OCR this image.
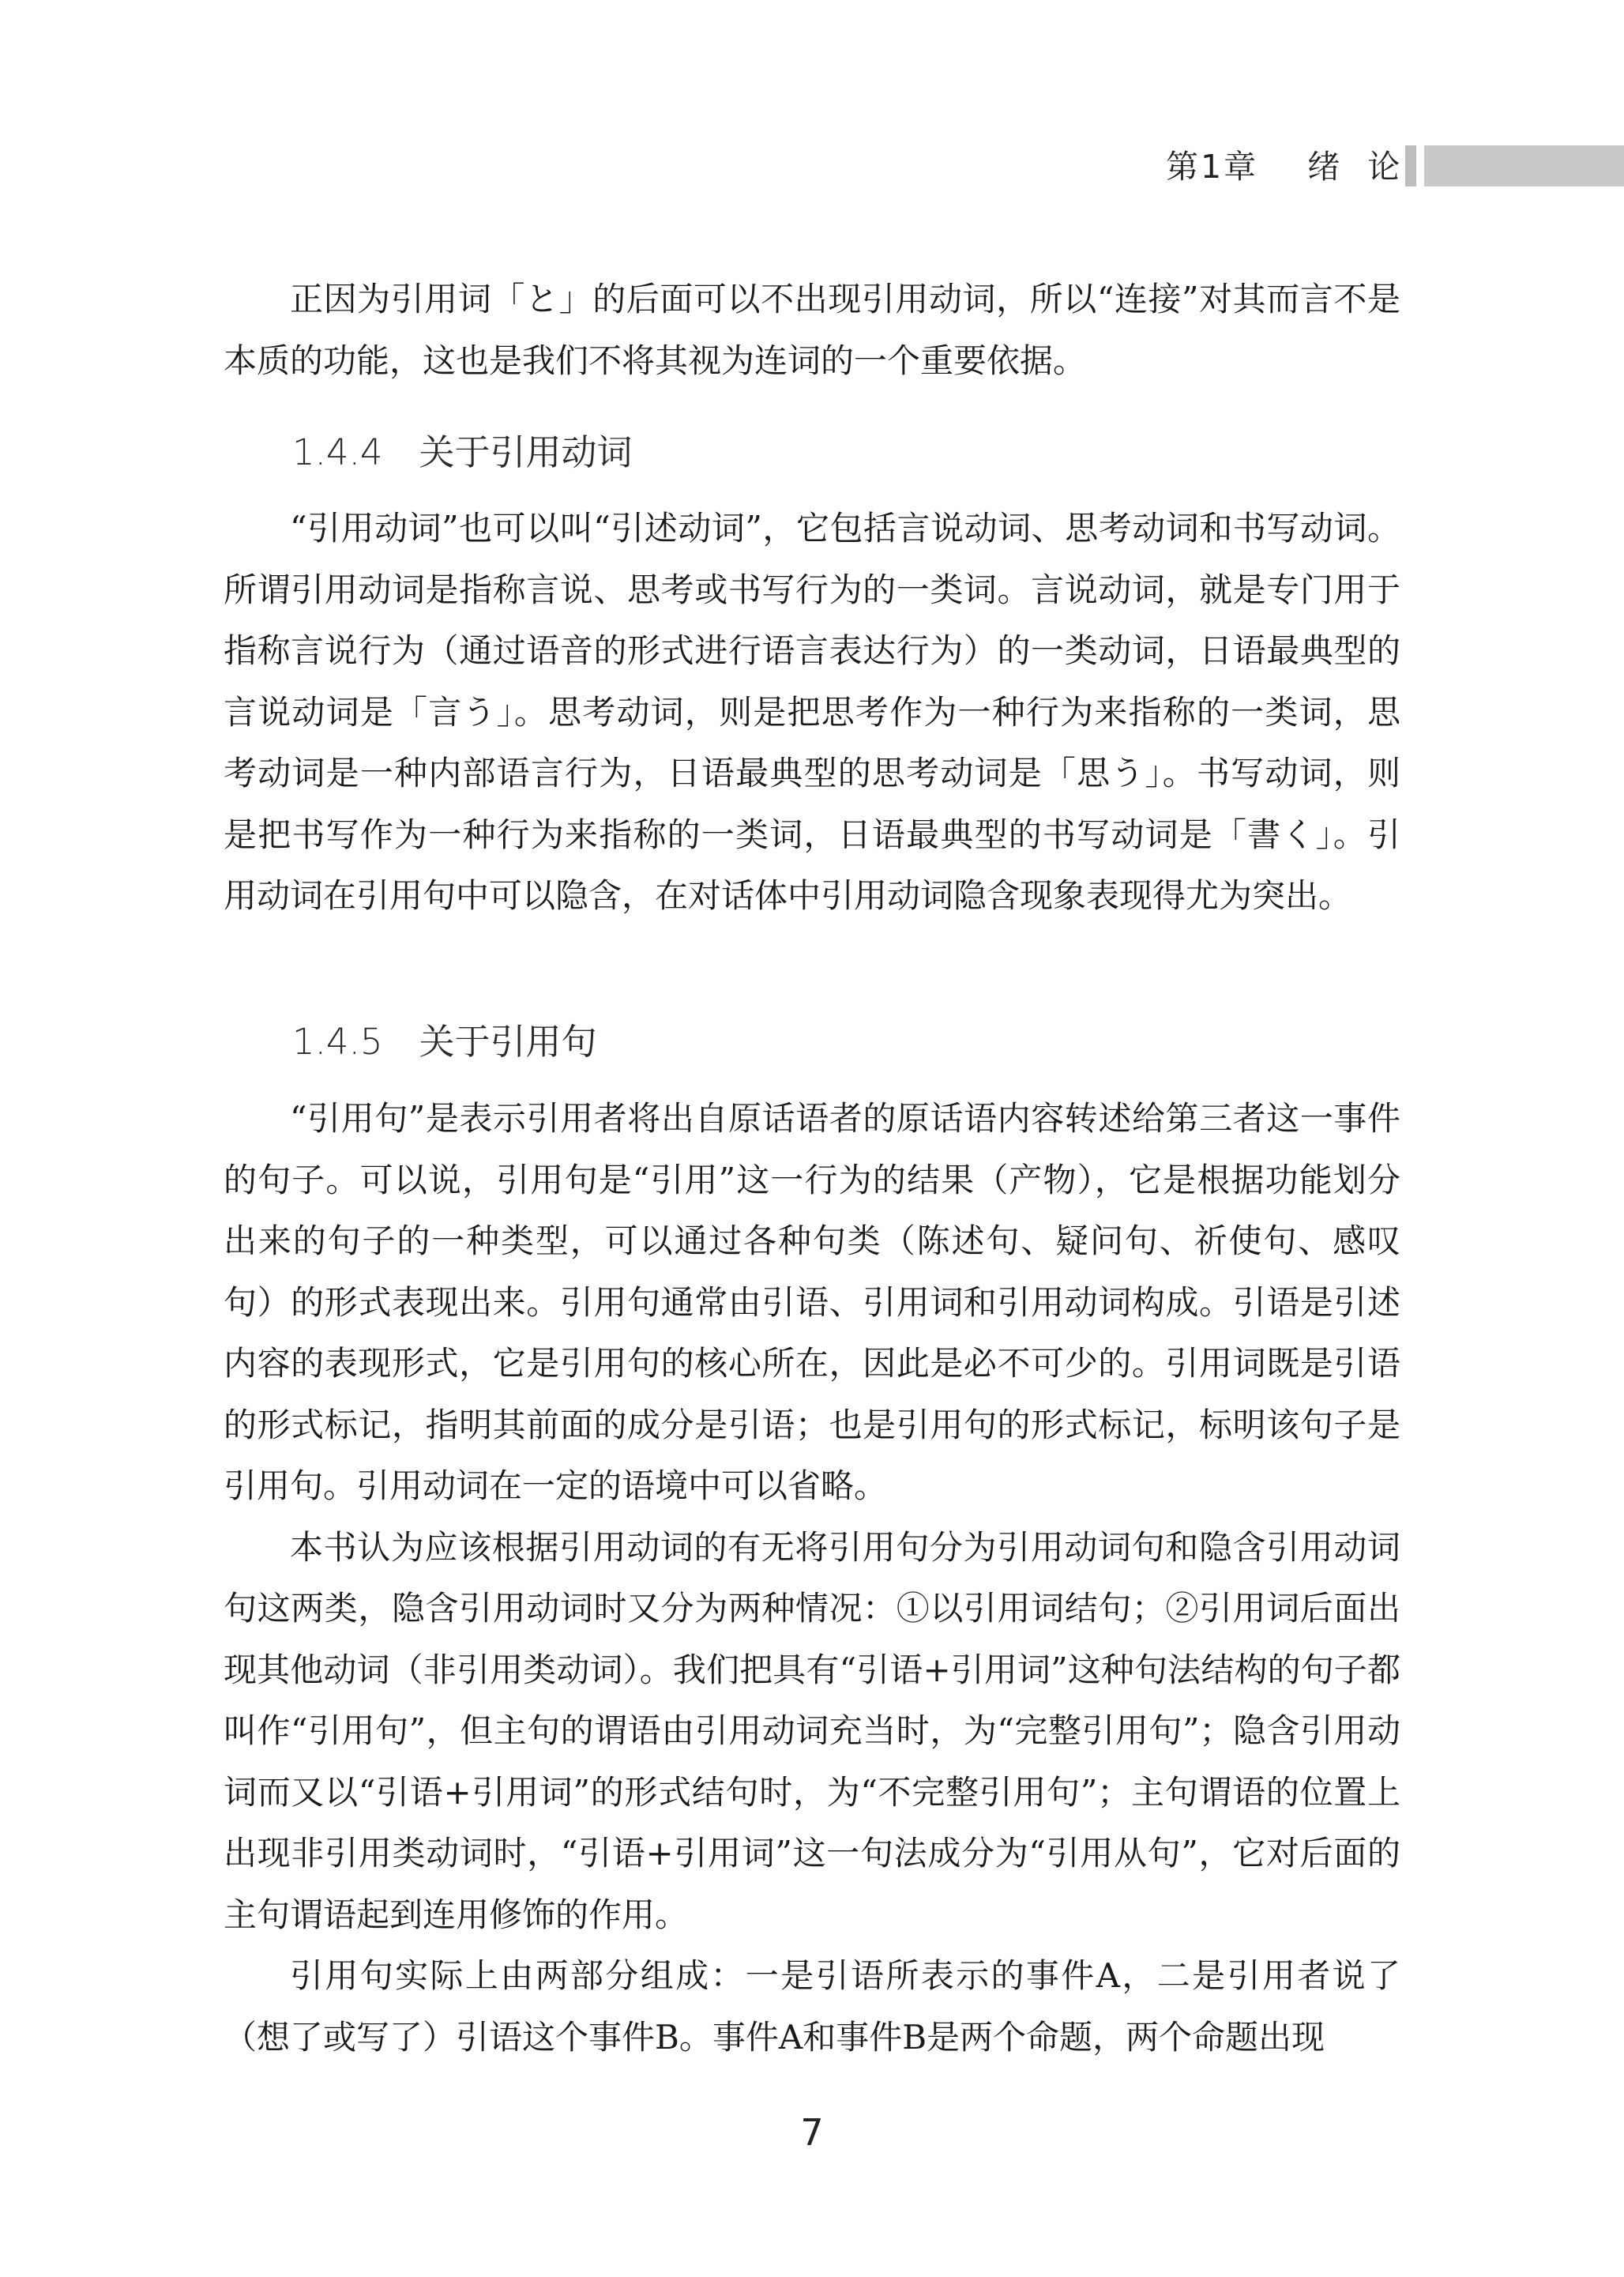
第1章 绪  论

正因为引用词「と」的后面可以不出现引用动词，所以“连接”对其而言不是本质的功能，这也是我们不将其视为连词的一个重要依据。

1.4.4 关于引用动词

“引用动词”也可以叫“引述动词”，它包括言说动词、思考动词和书写动词。所谓引用动词是指称言说、思考或书写行为的一类词。言说动词，就是专门用于指称言说行为（通过语音的形式进行语言表达行为）的一类动词，日语最典型的言说动词是「言う」。思考动词，则是把思考作为一种行为来指称的一类词，思考动词是一种内部语言行为，日语最典型的思考动词是「思う」。书写动词，则是把书写作为一种行为来指称的一类词，日语最典型的书写动词是「書く」。引用动词在引用句中可以隐含，在对话体中引用动词隐含现象表现得尤为突出。

1.4.5 关于引用句

“引用句”是表示引用者将出自原话语者的原话语内容转述给第三者这一事件的句子。可以说，引用句是“引用”这一行为的结果（产物），它是根据功能划分出来的句子的一种类型，可以通过各种句类（陈述句、疑问句、祈使句、感叹句）的形式表现出来。引用句通常由引语、引用词和引用动词构成。引语是引述内容的表现形式，它是引用句的核心所在，因此是必不可少的。引用词既是引语的形式标记，指明其前面的成分是引语；也是引用句的形式标记，标明该句子是引用句。引用动词在一定的语境中可以省略。

本书认为应该根据引用动词的有无将引用句分为引用动词句和隐含引用动词句这两类，隐含引用动词时又分为两种情况：①以引用词结句；②引用词后面出现其他动词（非引用类动词）。我们把具有“引语+引用词”这种句法结构的句子都叫作“引用句”，但主句的谓语由引用动词充当时，为“完整引用句”；隐含引用动词而又以“引语+引用词”的形式结句时，为“不完整引用句”；主句谓语的位置上出现非引用类动词时，“引语+引用词”这一句法成分为“引用从句”，它对后面的主句谓语起到连用修饰的作用。

引用句实际上由两部分组成：一是引语所表示的事件A，二是引用者说了（想了或写了）引语这个事件B。事件A和事件B是两个命题，两个命题出现

7
